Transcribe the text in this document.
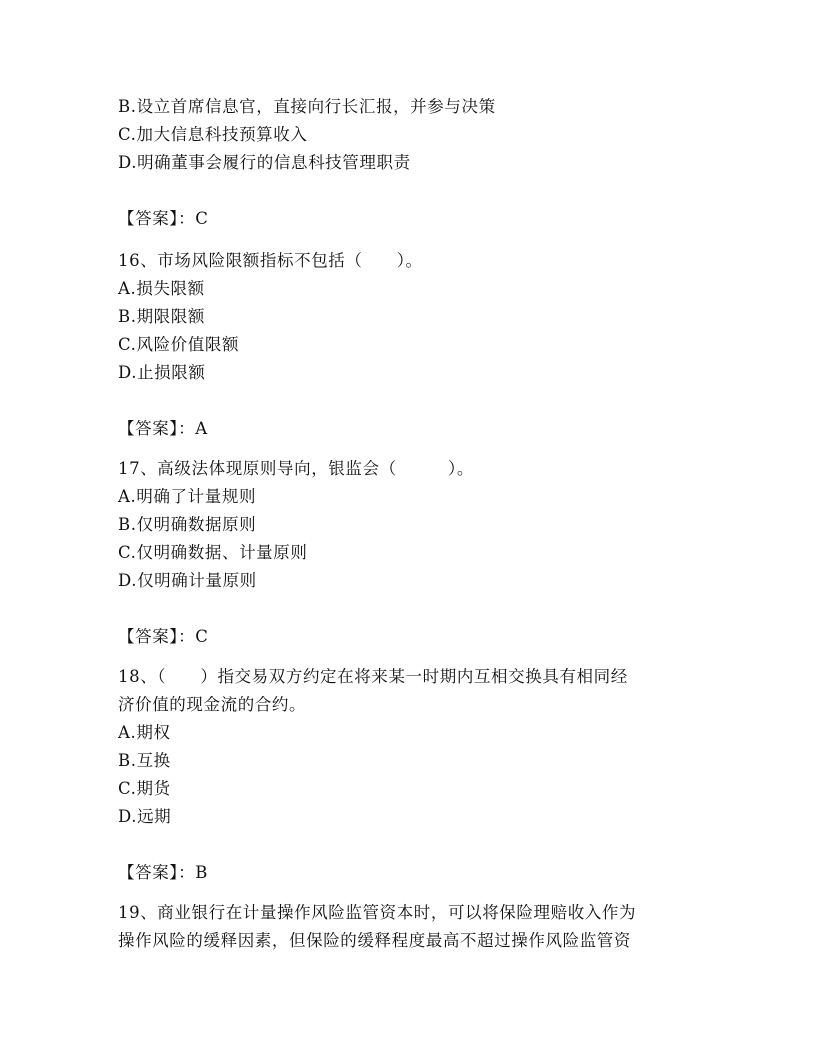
B.设立首席信息官，直接向行长汇报，并参与决策
C.加大信息科技预算收入
D.明确董事会履行的信息科技管理职责
【答案】：C
16、市场风险限额指标不包括（　　）。
A.损失限额
B.期限限额
C.风险价值限额
D.止损限额
【答案】：A
17、高级法体现原则导向，银监会（　　　）。
A.明确了计量规则
B.仅明确数据原则
C.仅明确数据、计量原则
D.仅明确计量原则
【答案】：C
18、（　　）指交易双方约定在将来某一时期内互相交换具有相同经
济价值的现金流的合约。
A.期权
B.互换
C.期货
D.远期
【答案】：B
19、商业银行在计量操作风险监管资本时，可以将保险理赔收入作为
操作风险的缓释因素，但保险的缓释程度最高不超过操作风险监管资
